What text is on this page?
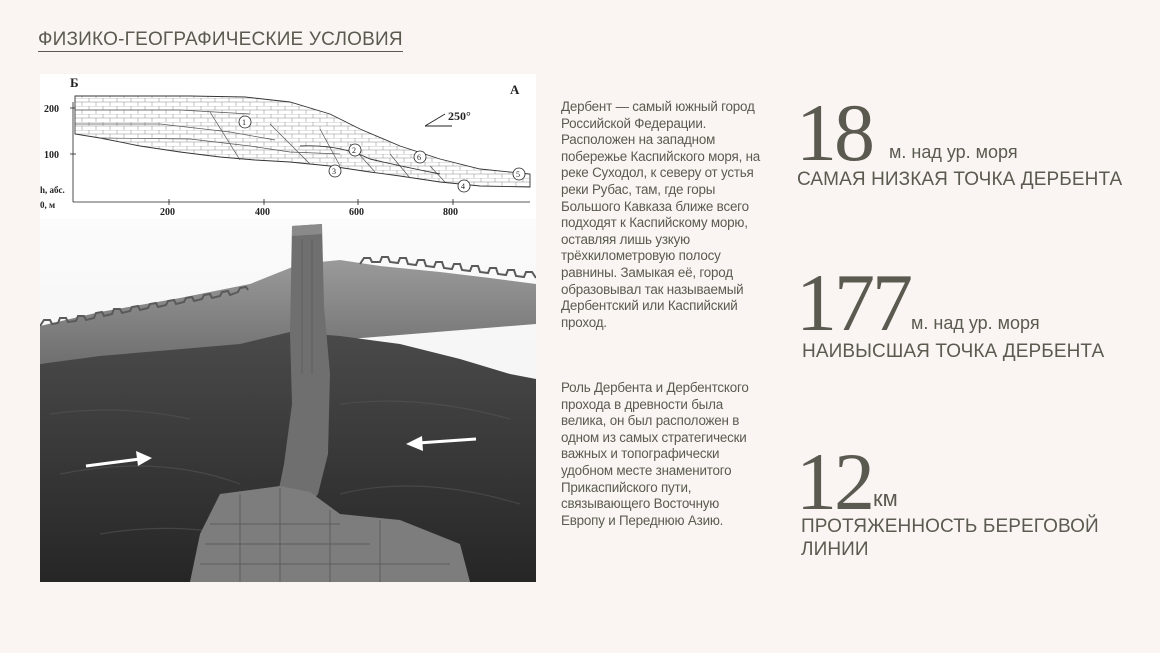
ФИЗИКО-ГЕОГРАФИЧЕСКИЕ УСЛОВИЯ
Б	А
200
100
h, абс.
0, м
200	400	600	800
250°
1
2
3
4
5
6
Дербент — самый южный город Российской Федерации. Расположен на западном побережье Каспийского моря, на реке Суходол, к северу от устья реки Рубас, там, где горы Большого Кавказа ближе всего подходят к Каспийскому морю, оставляя лишь узкую трёхкилометровую полосу равнины. Замыкая её, город образовывал так называемый Дербентский или Каспийский проход.
Роль Дербента и Дербентского прохода в древности была велика, он был расположен в одном из самых стратегически важных и топографически удобном месте знаменитого Прикаспийского пути, связывающего Восточную Европу и Переднюю Азию.
18 м. над ур. моря
САМАЯ НИЗКАЯ ТОЧКА ДЕРБЕНТА
177 м. над ур. моря
НАИВЫСШАЯ ТОЧКА ДЕРБЕНТА
12 км
ПРОТЯЖЕННОСТЬ БЕРЕГОВОЙ
ЛИНИИ
